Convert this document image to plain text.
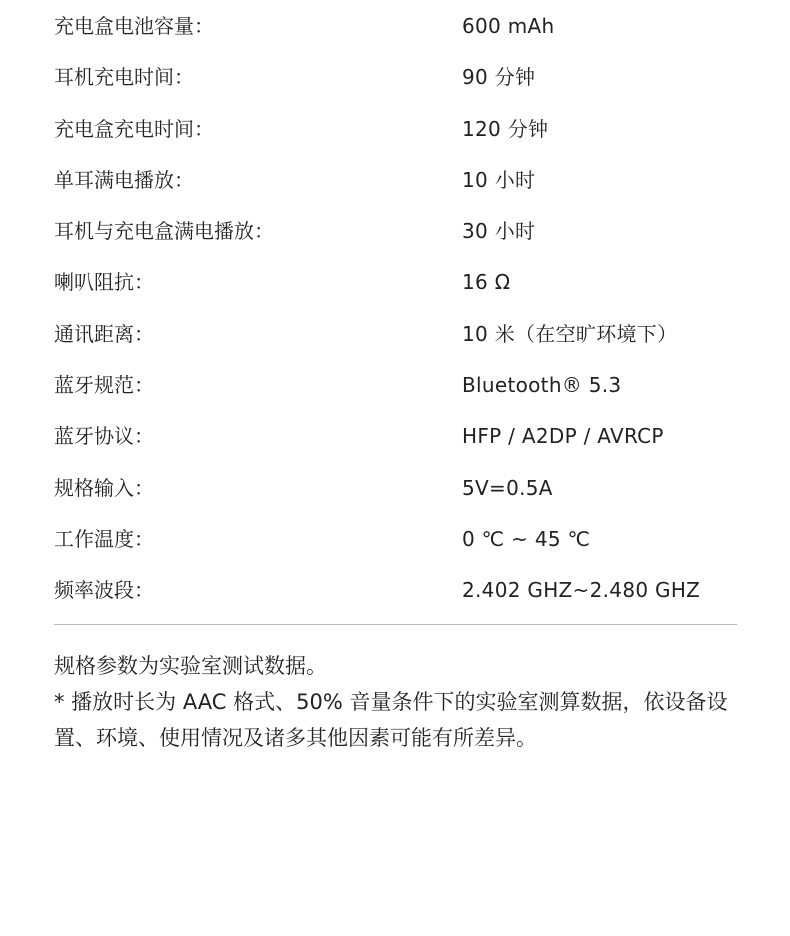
充电盒电池容量：	600 mAh
耳机充电时间：	90 分钟
充电盒充电时间：	120 分钟
单耳满电播放：	10 小时
耳机与充电盒满电播放：	30 小时
喇叭阻抗：	16 Ω
通讯距离：	10 米（在空旷环境下）
蓝牙规范：	Bluetooth® 5.3
蓝牙协议：	HFP / A2DP / AVRCP
规格输入：	5V=0.5A
工作温度：	0 ℃ ~ 45 ℃
频率波段：	2.402 GHZ~2.480 GHZ

规格参数为实验室测试数据。

* 播放时长为 AAC 格式、50% 音量条件下的实验室测算数据，依设备设置、环境、使用情况及诸多其他因素可能有所差异。
